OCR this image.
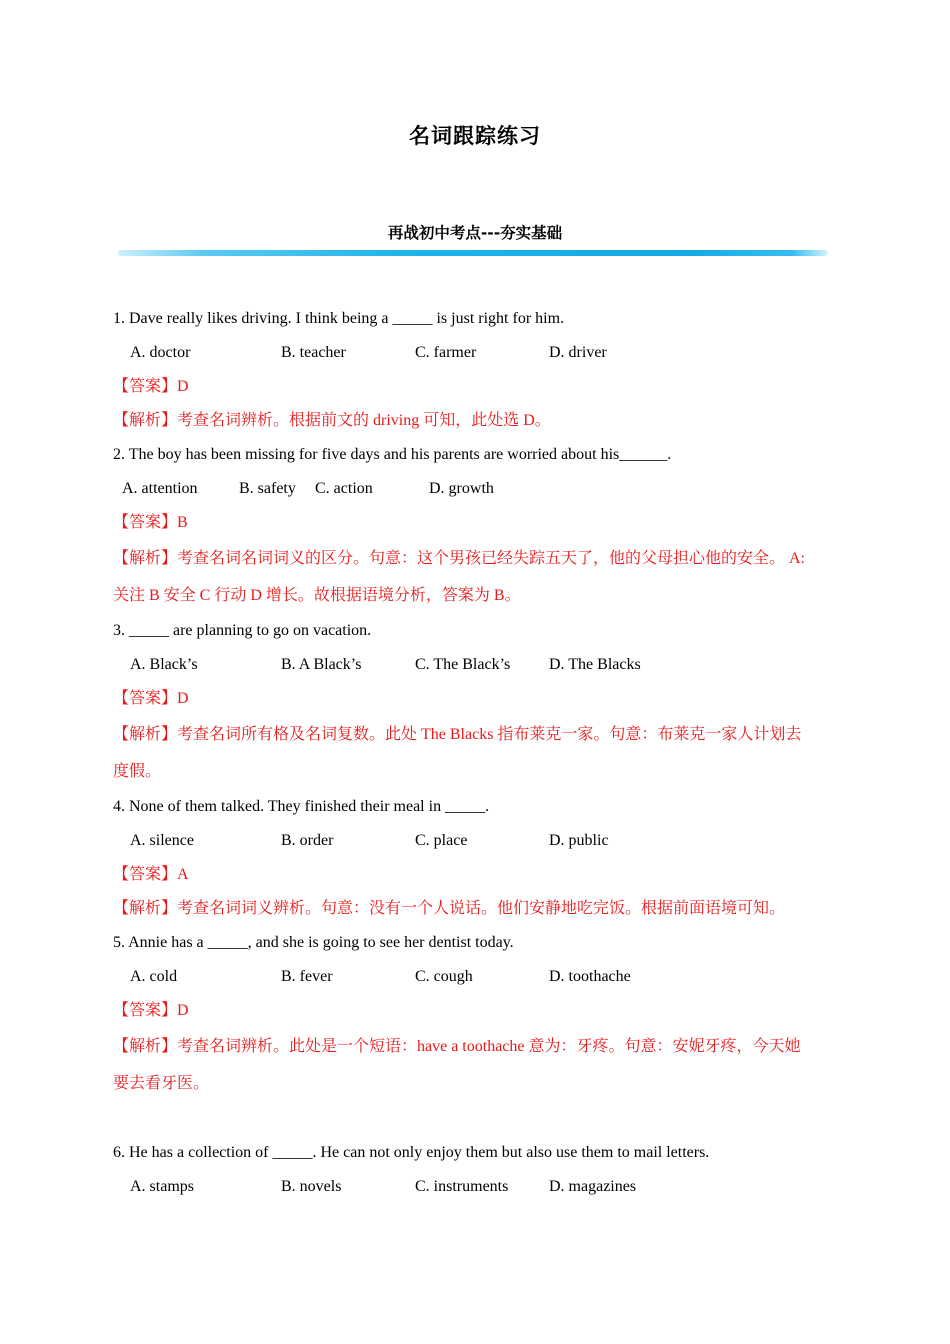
名词跟踪练习
再战初中考点---夯实基础
1. Dave really likes driving. I think being a _____ is just right for him.
A. doctor	B. teacher	C. farmer	D. driver
【答案】D
【解析】考查名词辨析。根据前文的 driving 可知，此处选 D。
2. The boy has been missing for five days and his parents are worried about his______.
A. attention	B. safety C. action	D. growth
【答案】B
【解析】考查名词名词词义的区分。句意：这个男孩已经失踪五天了，他的父母担心他的安全。 A:
关注 B 安全 C 行动 D 增长。故根据语境分析，答案为 B。
3. _____ are planning to go on vacation.
A. Black’s	B. A Black’s	C. The Black’s D. The Blacks
【答案】D
【解析】考查名词所有格及名词复数。此处 The Blacks 指布莱克一家。句意：布莱克一家人计划去
度假。
4. None of them talked. They finished their meal in _____.
A. silence	B. order	C. place	D. public
【答案】A
【解析】考查名词词义辨析。句意：没有一个人说话。他们安静地吃完饭。根据前面语境可知。
5. Annie has a _____, and she is going to see her dentist today.
A. cold	B. fever	C. cough	D. toothache
【答案】D
【解析】考查名词辨析。此处是一个短语：have a toothache 意为：牙疼。句意：安妮牙疼，今天她
要去看牙医。
6. He has a collection of _____. He can not only enjoy them but also use them to mail letters.
A. stamps	B. novels	C. instruments	D. magazines
